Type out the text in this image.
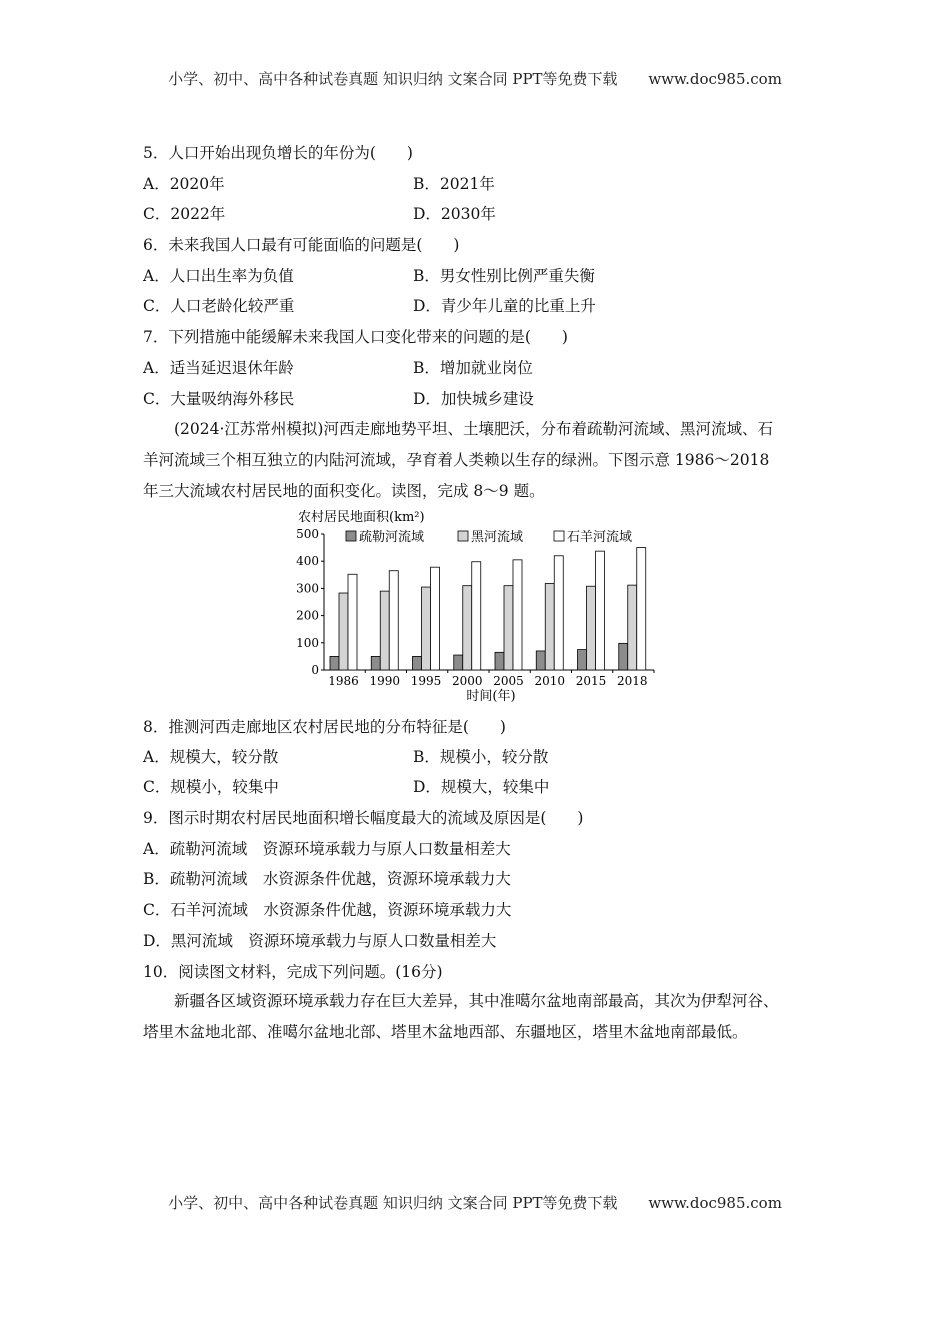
小学、初中、高中各种试卷真题 知识归纳 文案合同 PPT等免费下载 www.doc985.com
5．人口开始出现负增长的年份为(　　)
A．2020年	B．2021年
C．2022年	D．2030年
6．未来我国人口最有可能面临的问题是(　　)
A．人口出生率为负值	B．男女性别比例严重失衡
C．人口老龄化较严重	D．青少年儿童的比重上升
7．下列措施中能缓解未来我国人口变化带来的问题的是(　　)
A．适当延迟退休年龄	B．增加就业岗位
C．大量吸纳海外移民	D．加快城乡建设

(2024·江苏常州模拟)河西走廊地势平坦、土壤肥沃，分布着疏勒河流域、黑河流域、石

羊河流域三个相互独立的内陆河流域，孕育着人类赖以生存的绿洲。下图示意 1986～2018

年三大流域农村居民地的面积变化。读图，完成 8～9 题。

农村居民地面积(km²)
疏勒河流域	黑河流域	石羊河流域
0
100
200
300
400
500
1986 1990 1995 2000 2005 2010 2015 2018
时间(年)
8．推测河西走廊地区农村居民地的分布特征是(　　)
A．规模大，较分散	B．规模小，较分散
C．规模小，较集中	D．规模大，较集中
9．图示时期农村居民地面积增长幅度最大的流域及原因是(　　)
A．疏勒河流域　资源环境承载力与原人口数量相差大
B．疏勒河流域　水资源条件优越，资源环境承载力大
C．石羊河流域　水资源条件优越，资源环境承载力大
D．黑河流域　资源环境承载力与原人口数量相差大
10．阅读图文材料，完成下列问题。(16分)

新疆各区域资源环境承载力存在巨大差异，其中准噶尔盆地南部最高，其次为伊犁河谷、

塔里木盆地北部、准噶尔盆地北部、塔里木盆地西部、东疆地区，塔里木盆地南部最低。

小学、初中、高中各种试卷真题 知识归纳 文案合同 PPT等免费下载 www.doc985.com
